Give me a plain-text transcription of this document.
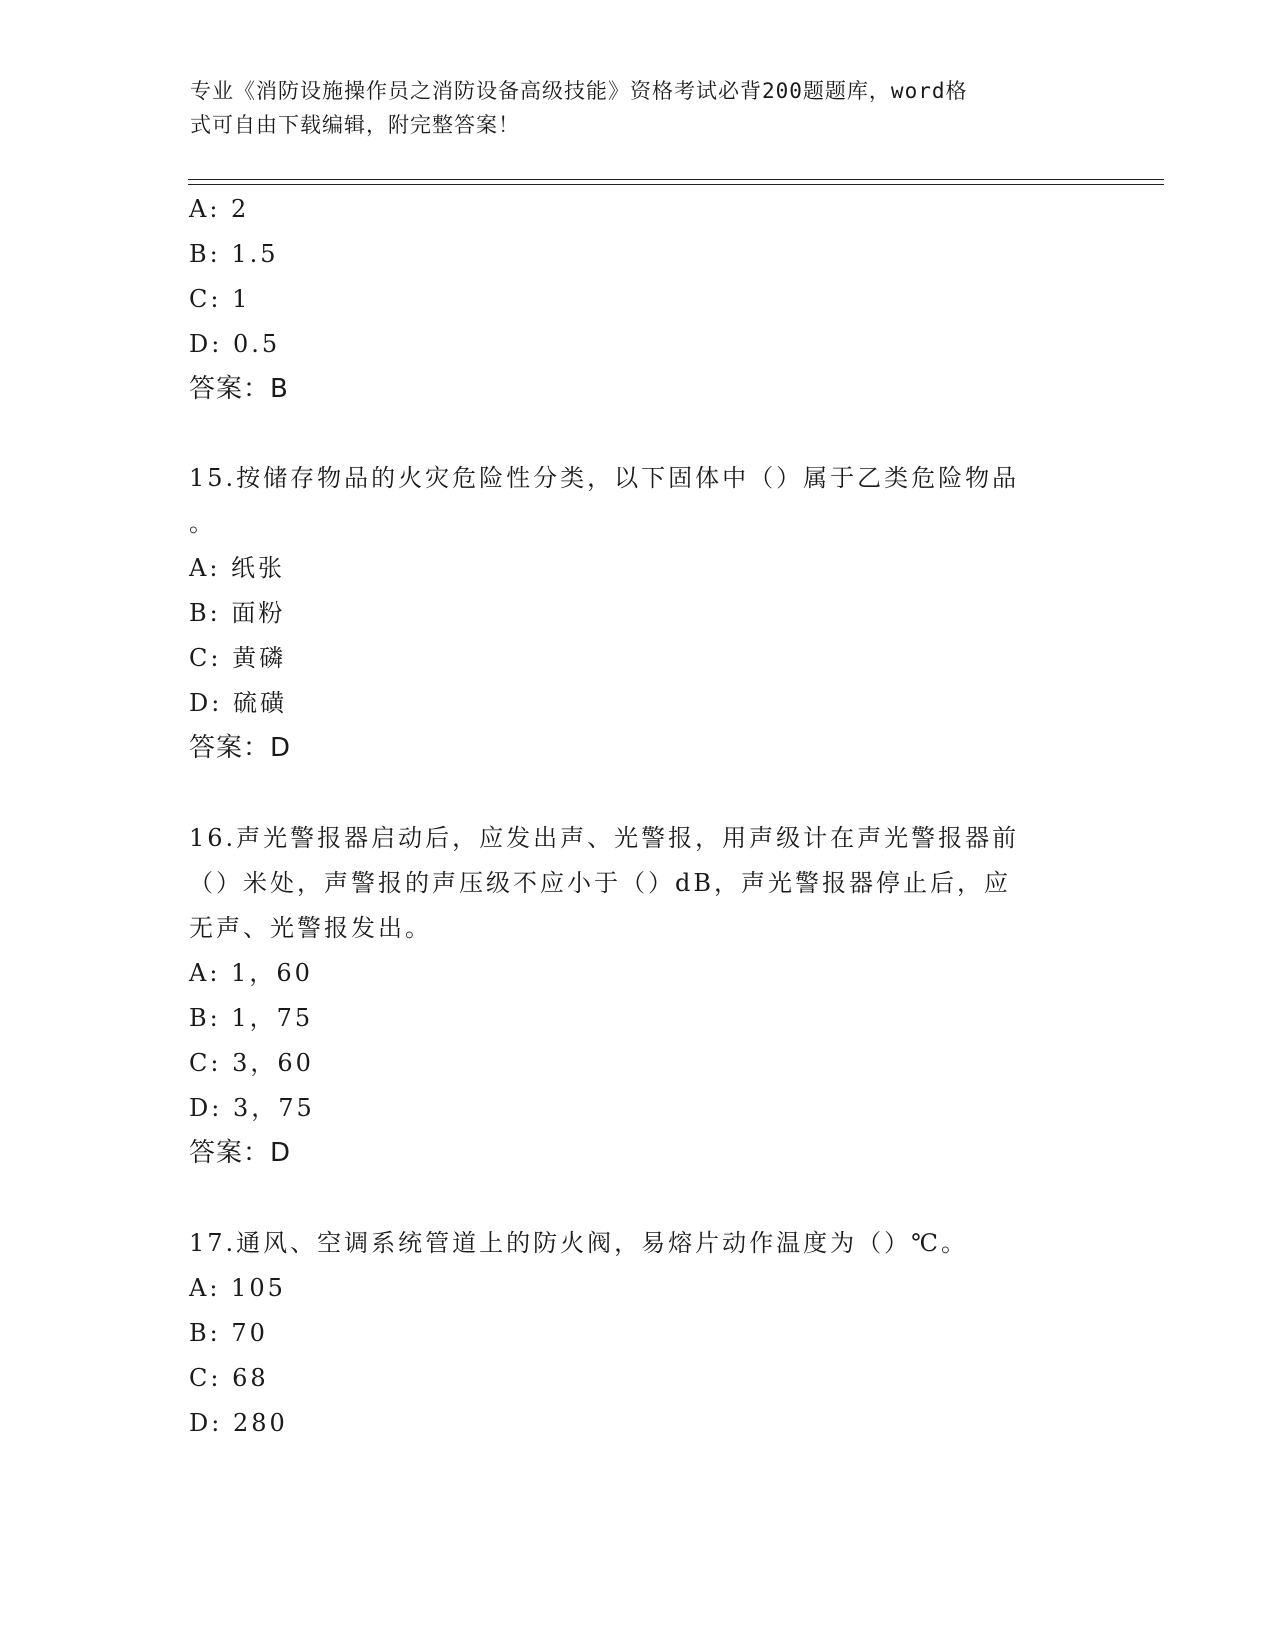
专业《消防设施操作员之消防设备高级技能》资格考试必背200题题库，word格
式可自由下载编辑，附完整答案！
A: 2
B: 1.5
C: 1
D: 0.5
答案：B
15.按储存物品的火灾危险性分类，以下固体中（）属于乙类危险物品
。
A: 纸张
B: 面粉
C: 黄磷
D: 硫磺
答案：D
16.声光警报器启动后，应发出声、光警报，用声级计在声光警报器前
（）米处，声警报的声压级不应小于（）dB，声光警报器停止后，应
无声、光警报发出。
A: 1，60
B: 1，75
C: 3，60
D: 3，75
答案：D
17.通风、空调系统管道上的防火阀，易熔片动作温度为（）℃。
A: 105
B: 70
C: 68
D: 280
